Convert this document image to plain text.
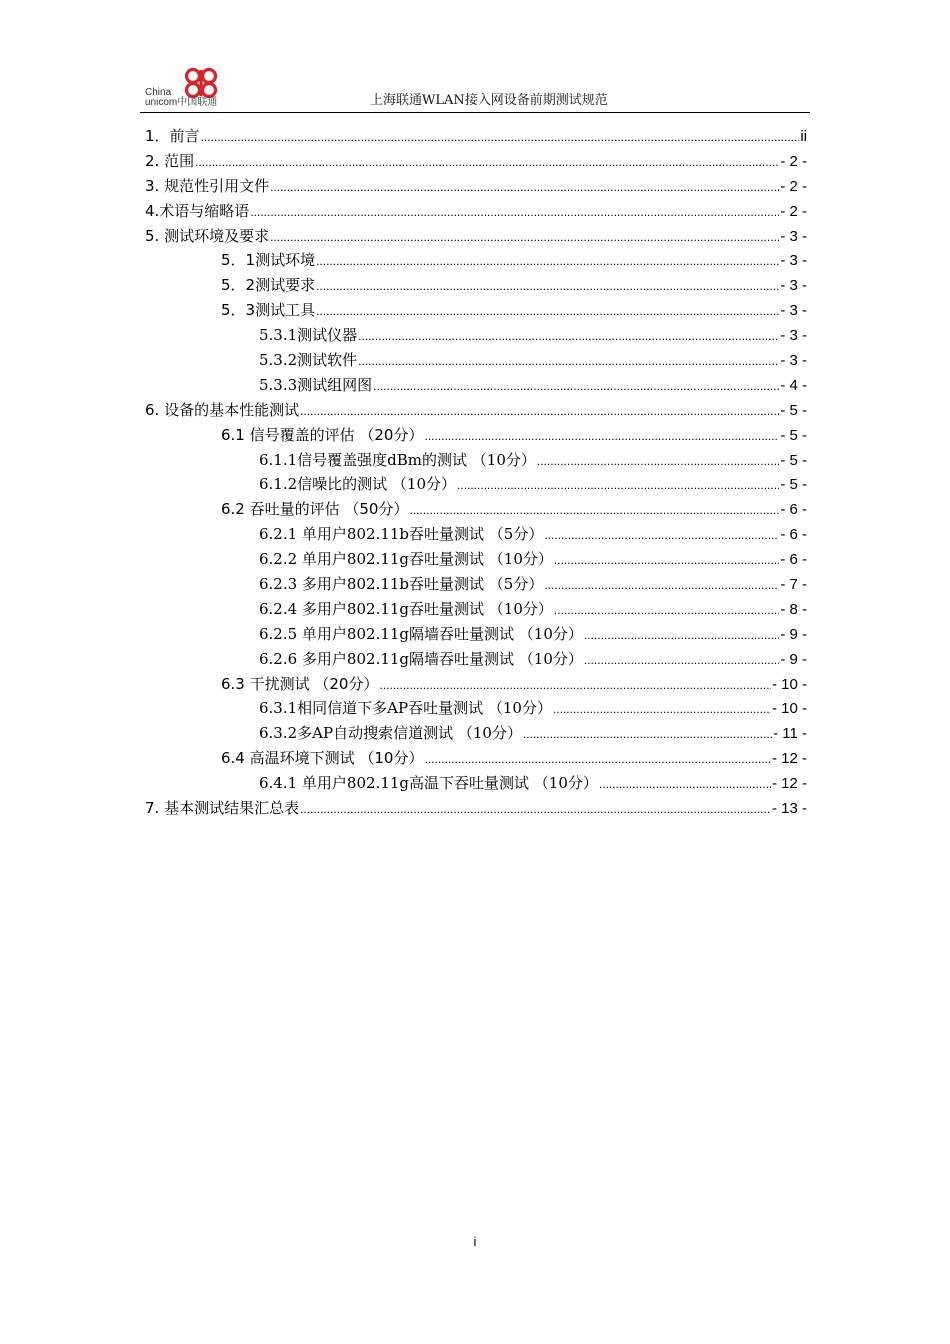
China
unicom中国联通	上海联通WLAN接入网设备前期测试规范
1．前言 .....	ii
2. 范围 .....	- 2 -
3. 规范性引用文件 .....	- 2 -
4.术语与缩略语 .....	- 2 -
5. 测试环境及要求 .....	- 3 -
5．1测试环境 .....	- 3 -
5．2测试要求 .....	- 3 -
5．3测试工具 .....	- 3 -
5.3.1测试仪器 .....	- 3 -
5.3.2测试软件 .....	- 3 -
5.3.3测试组网图 .....	- 4 -
6. 设备的基本性能测试 .....	- 5 -
6.1 信号覆盖的评估 （20分） .....	- 5 -
6.1.1信号覆盖强度dBm的测试 （10分） .....	- 5 -
6.1.2信噪比的测试 （10分） .....	- 5 -
6.2 吞吐量的评估 （50分） .....	- 6 -
6.2.1 单用户802.11b吞吐量测试 （5分） .....	- 6 -
6.2.2 单用户802.11g吞吐量测试 （10分） .....	- 6 -
6.2.3 多用户802.11b吞吐量测试 （5分） .....	- 7 -
6.2.4 多用户802.11g吞吐量测试 （10分） .....	- 8 -
6.2.5 单用户802.11g隔墙吞吐量测试 （10分） .....	- 9 -
6.2.6 多用户802.11g隔墙吞吐量测试 （10分） .....	- 9 -
6.3 干扰测试 （20分） .....	- 10 -
6.3.1相同信道下多AP吞吐量测试 （10分） .....	- 10 -
6.3.2多AP自动搜索信道测试 （10分） .....	- 11 -
6.4 高温环境下测试 （10分） .....	- 12 -
6.4.1 单用户802.11g高温下吞吐量测试 （10分） .....	- 12 -
7. 基本测试结果汇总表 .....	- 13 -
i
